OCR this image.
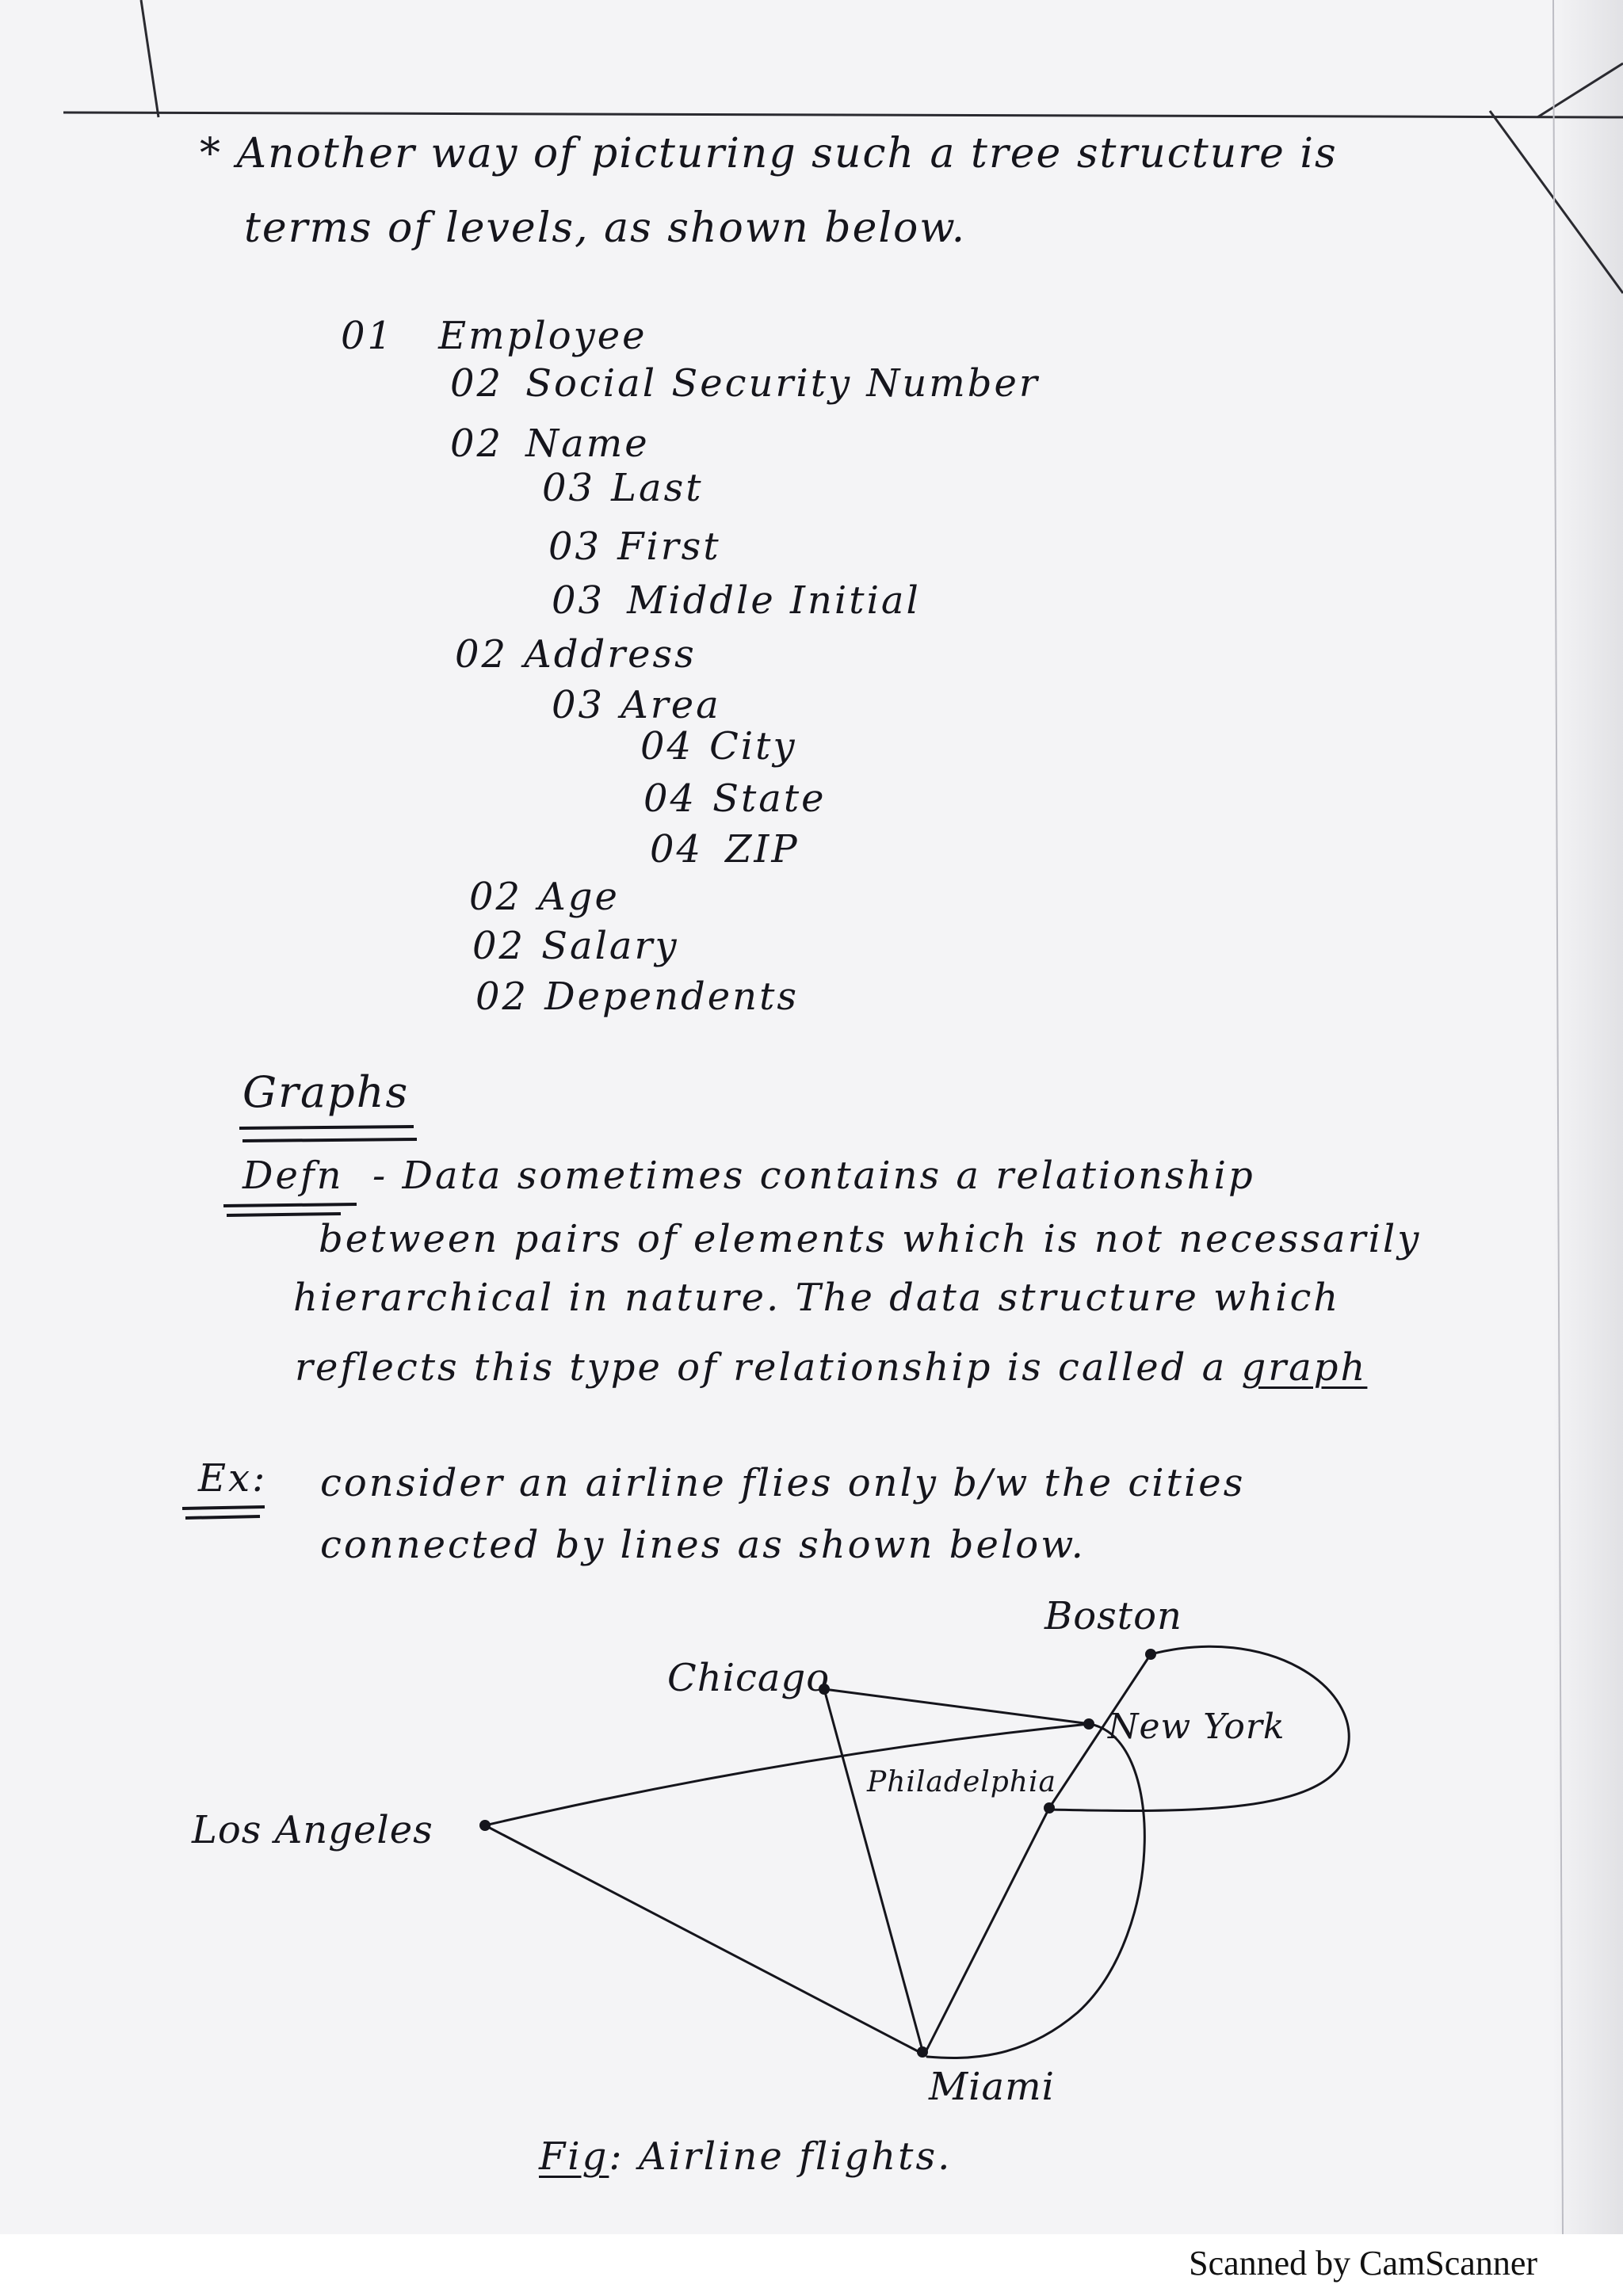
* Another way of picturing such a tree structure is
terms of levels, as shown below.
01 Employee
02 Social Security Number
02 Name
03 Last
03 First
03 Middle Initial
02 Address
03 Area
04 City
04 State
04 ZIP
02 Age
02 Salary
02 Dependents
Graphs
Defn - Data sometimes contains a relationship
between pairs of elements which is not necessarily
hierarchical in nature. The data structure which
reflects this type of relationship is called a graph
Ex: consider an airline flies only b/w the cities
connected by lines as shown below.
Boston
Chicago
New York
Philadelphia
Los Angeles
Miami
Fig: Airline flights.
Scanned by CamScanner
